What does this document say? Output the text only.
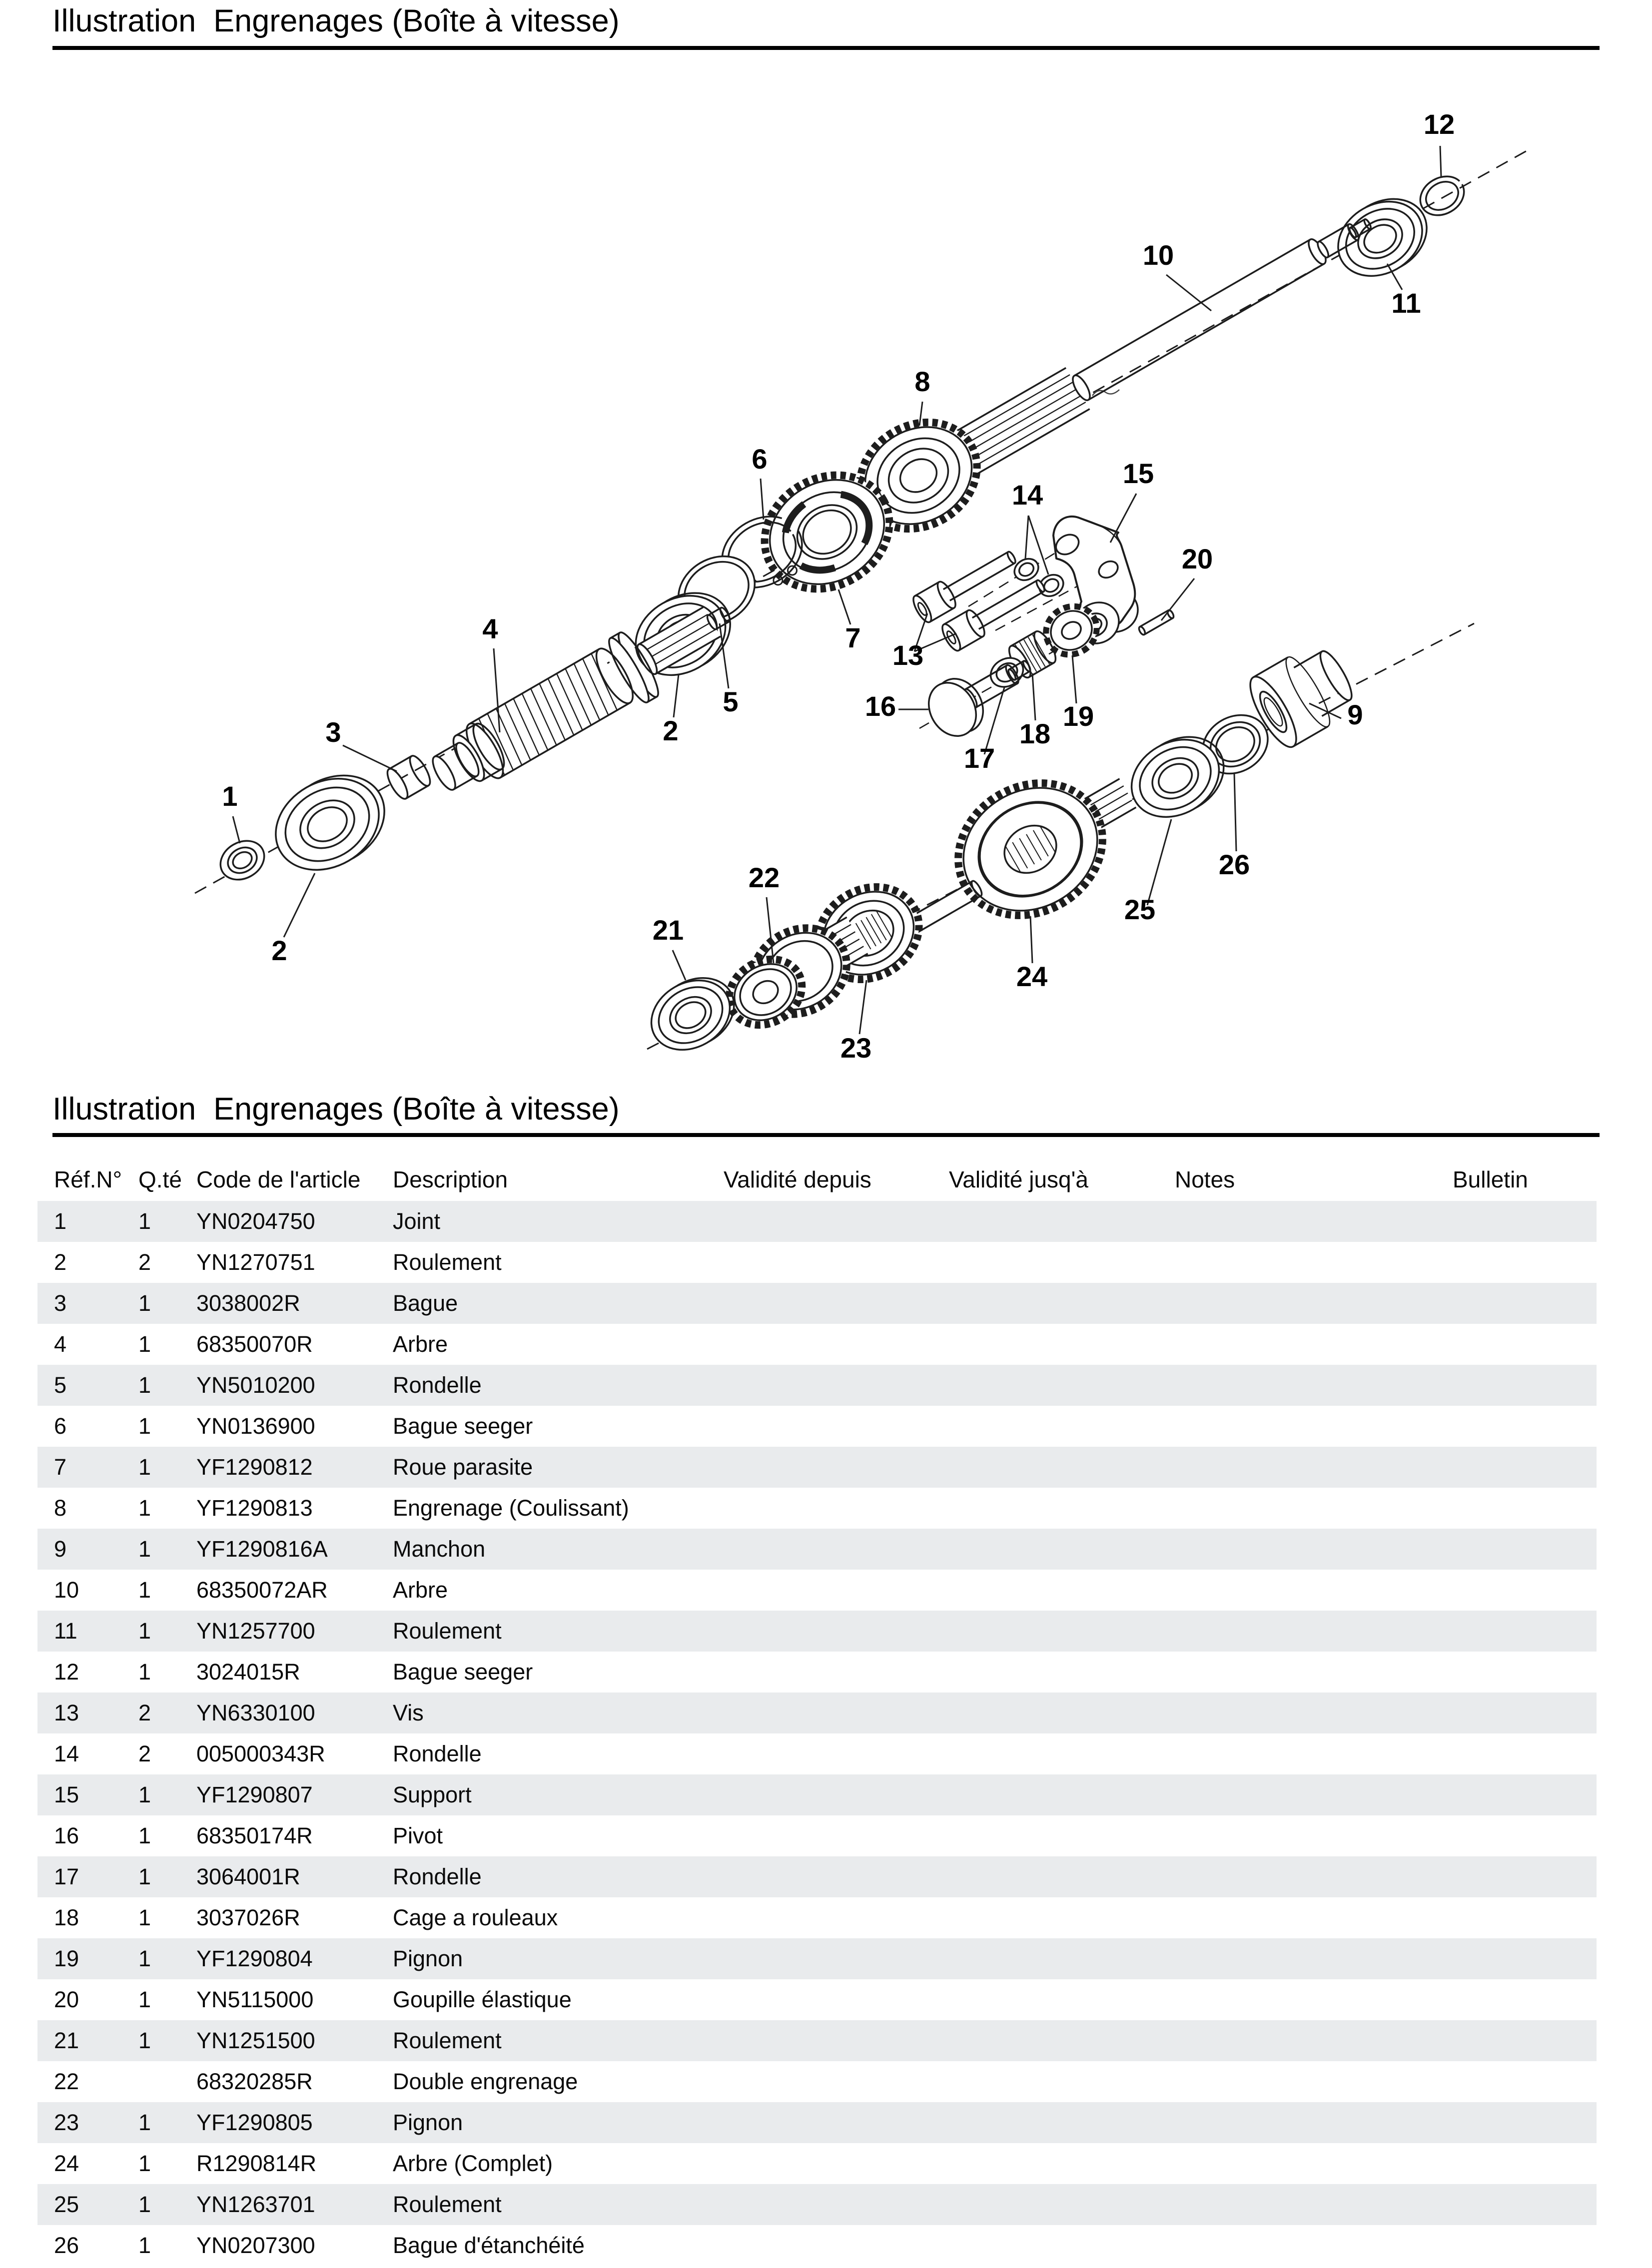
Illustration  Engrenages (Boîte à vitesse)
12
11
10
8
6	15
14
20
7
13
4
5
2
16
3	18
19	9
17
1
22	26
21
25
2
24
23
Illustration  Engrenages (Boîte à vitesse)
Réf.N°	Q.té	Code de l'article	Description	Validité depuis	Validité jusq'à	Notes	Bulletin
1	1	YN0204750	Joint				
2	2	YN1270751	Roulement				
3	1	3038002R	Bague				
4	1	68350070R	Arbre				
5	1	YN5010200	Rondelle				
6	1	YN0136900	Bague seeger				
7	1	YF1290812	Roue parasite				
8	1	YF1290813	Engrenage (Coulissant)				
9	1	YF1290816A	Manchon				
10	1	68350072AR	Arbre				
11	1	YN1257700	Roulement				
12	1	3024015R	Bague seeger				
13	2	YN6330100	Vis				
14	2	005000343R	Rondelle				
15	1	YF1290807	Support				
16	1	68350174R	Pivot				
17	1	3064001R	Rondelle				
18	1	3037026R	Cage a rouleaux				
19	1	YF1290804	Pignon				
20	1	YN5115000	Goupille élastique				
21	1	YN1251500	Roulement				
22		68320285R	Double engrenage				
23	1	YF1290805	Pignon				
24	1	R1290814R	Arbre (Complet)				
25	1	YN1263701	Roulement				
26	1	YN0207300	Bague d'étanchéité				
